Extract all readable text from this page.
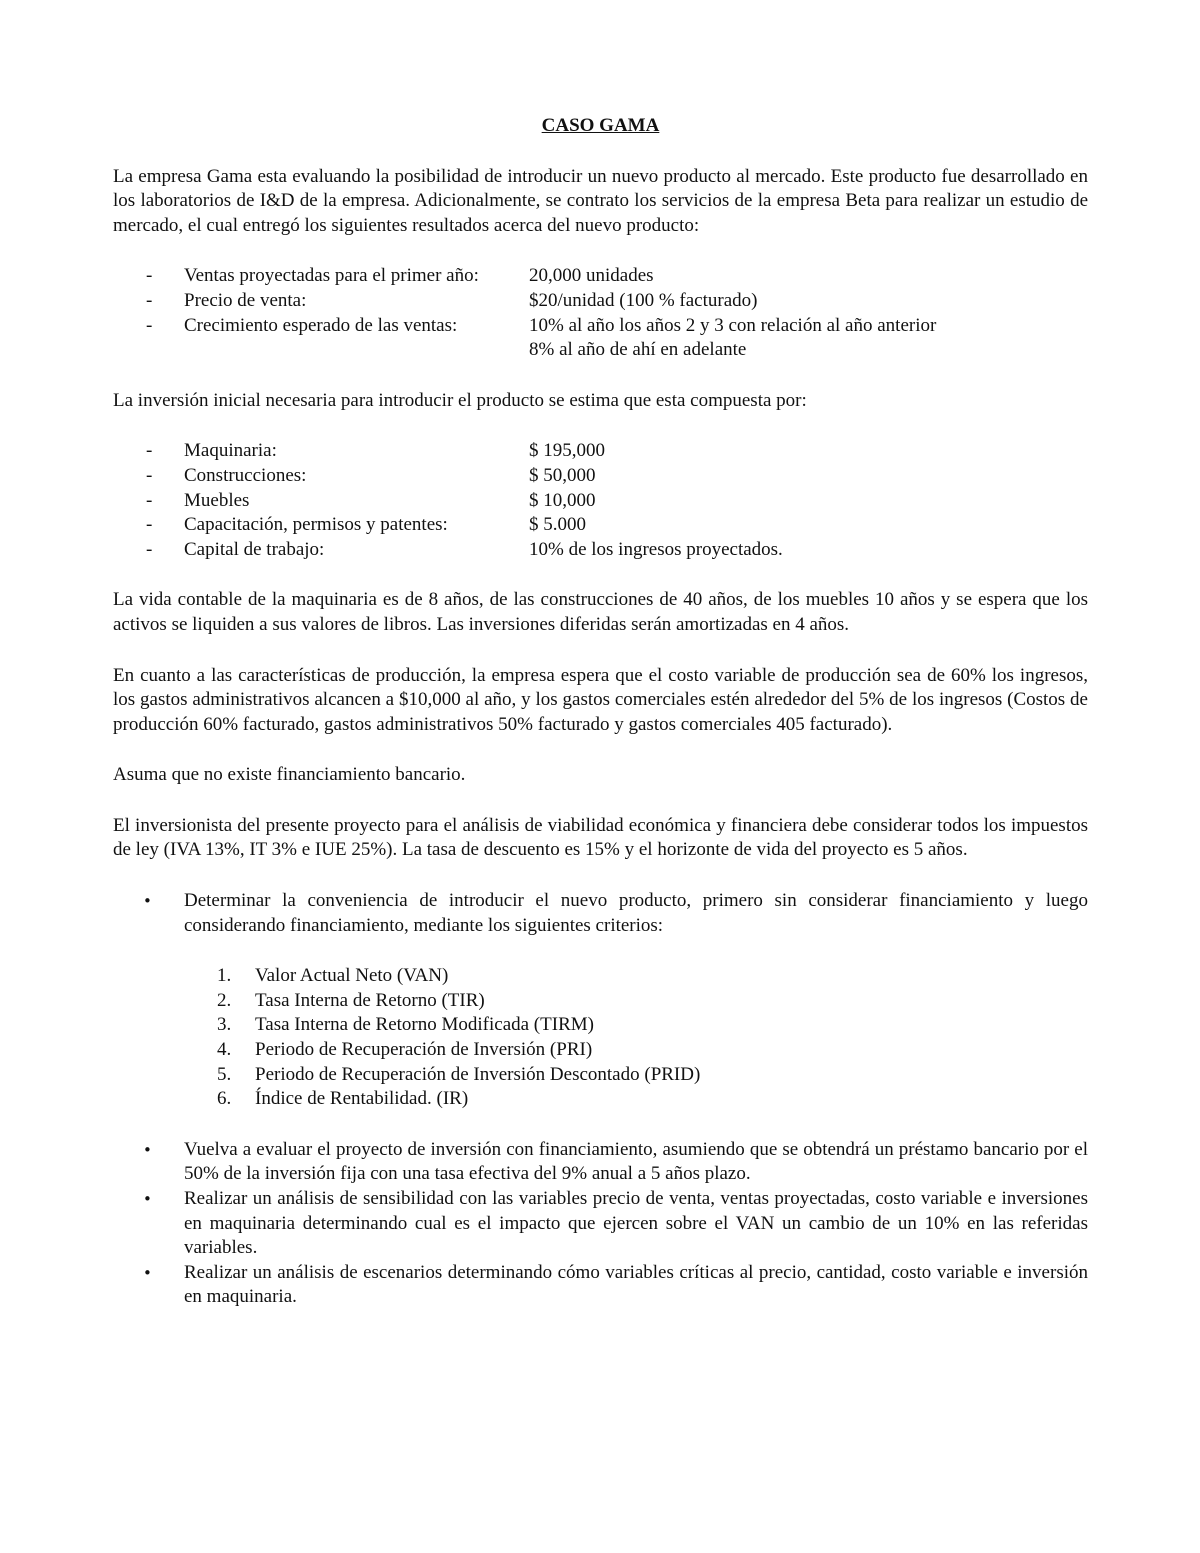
CASO GAMA

La empresa Gama esta evaluando la posibilidad de introducir un nuevo producto al mercado. Este producto fue desarrollado en los laboratorios de I&D de la empresa. Adicionalmente, se contrato los servicios de la empresa Beta para realizar un estudio de mercado, el cual entregó los siguientes resultados acerca del nuevo producto:

- Ventas proyectadas para el primer año:	20,000 unidades
- Precio de venta:	$20/unidad (100 % facturado)
- Crecimiento esperado de las ventas:	10% al año los años 2 y 3 con relación al año anterior
8% al año de ahí en adelante

La inversión inicial necesaria para introducir el producto se estima que esta compuesta por:

- Maquinaria:	$ 195,000
- Construcciones:	$ 50,000
- Muebles	$ 10,000
- Capacitación, permisos y patentes:	$ 5.000
- Capital de trabajo:	10% de los ingresos proyectados.

La vida contable de la maquinaria es de 8 años, de las construcciones de 40 años, de los muebles 10 años y se espera que los activos se liquiden a sus valores de libros. Las inversiones diferidas serán amortizadas en 4 años.

En cuanto a las características de producción, la empresa espera que el costo variable de producción sea de 60% los ingresos, los gastos administrativos alcancen a $10,000 al año, y los gastos comerciales estén alrededor del 5% de los ingresos (Costos de producción 60% facturado, gastos administrativos 50% facturado y gastos comerciales 405 facturado).

Asuma que no existe financiamiento bancario.

El inversionista del presente proyecto para el análisis de viabilidad económica y financiera debe considerar todos los impuestos de ley (IVA 13%, IT 3% e IUE 25%). La tasa de descuento es 15% y el horizonte de vida del proyecto es 5 años.

• Determinar la conveniencia de introducir el nuevo producto, primero sin considerar financiamiento y luego considerando financiamiento, mediante los siguientes criterios:
1. Valor Actual Neto (VAN)
2. Tasa Interna de Retorno (TIR)
3. Tasa Interna de Retorno Modificada (TIRM)
4. Periodo de Recuperación de Inversión (PRI)
5. Periodo de Recuperación de Inversión Descontado (PRID)
6. Índice de Rentabilidad. (IR)
• Vuelva a evaluar el proyecto de inversión con financiamiento, asumiendo que se obtendrá un préstamo bancario por el 50% de la inversión fija con una tasa efectiva del 9% anual a 5 años plazo.
• Realizar un análisis de sensibilidad con las variables precio de venta, ventas proyectadas, costo variable e inversiones en maquinaria determinando cual es el impacto que ejercen sobre el VAN un cambio de un 10% en las referidas variables.
• Realizar un análisis de escenarios determinando cómo variables críticas al precio, cantidad, costo variable e inversión en maquinaria.
